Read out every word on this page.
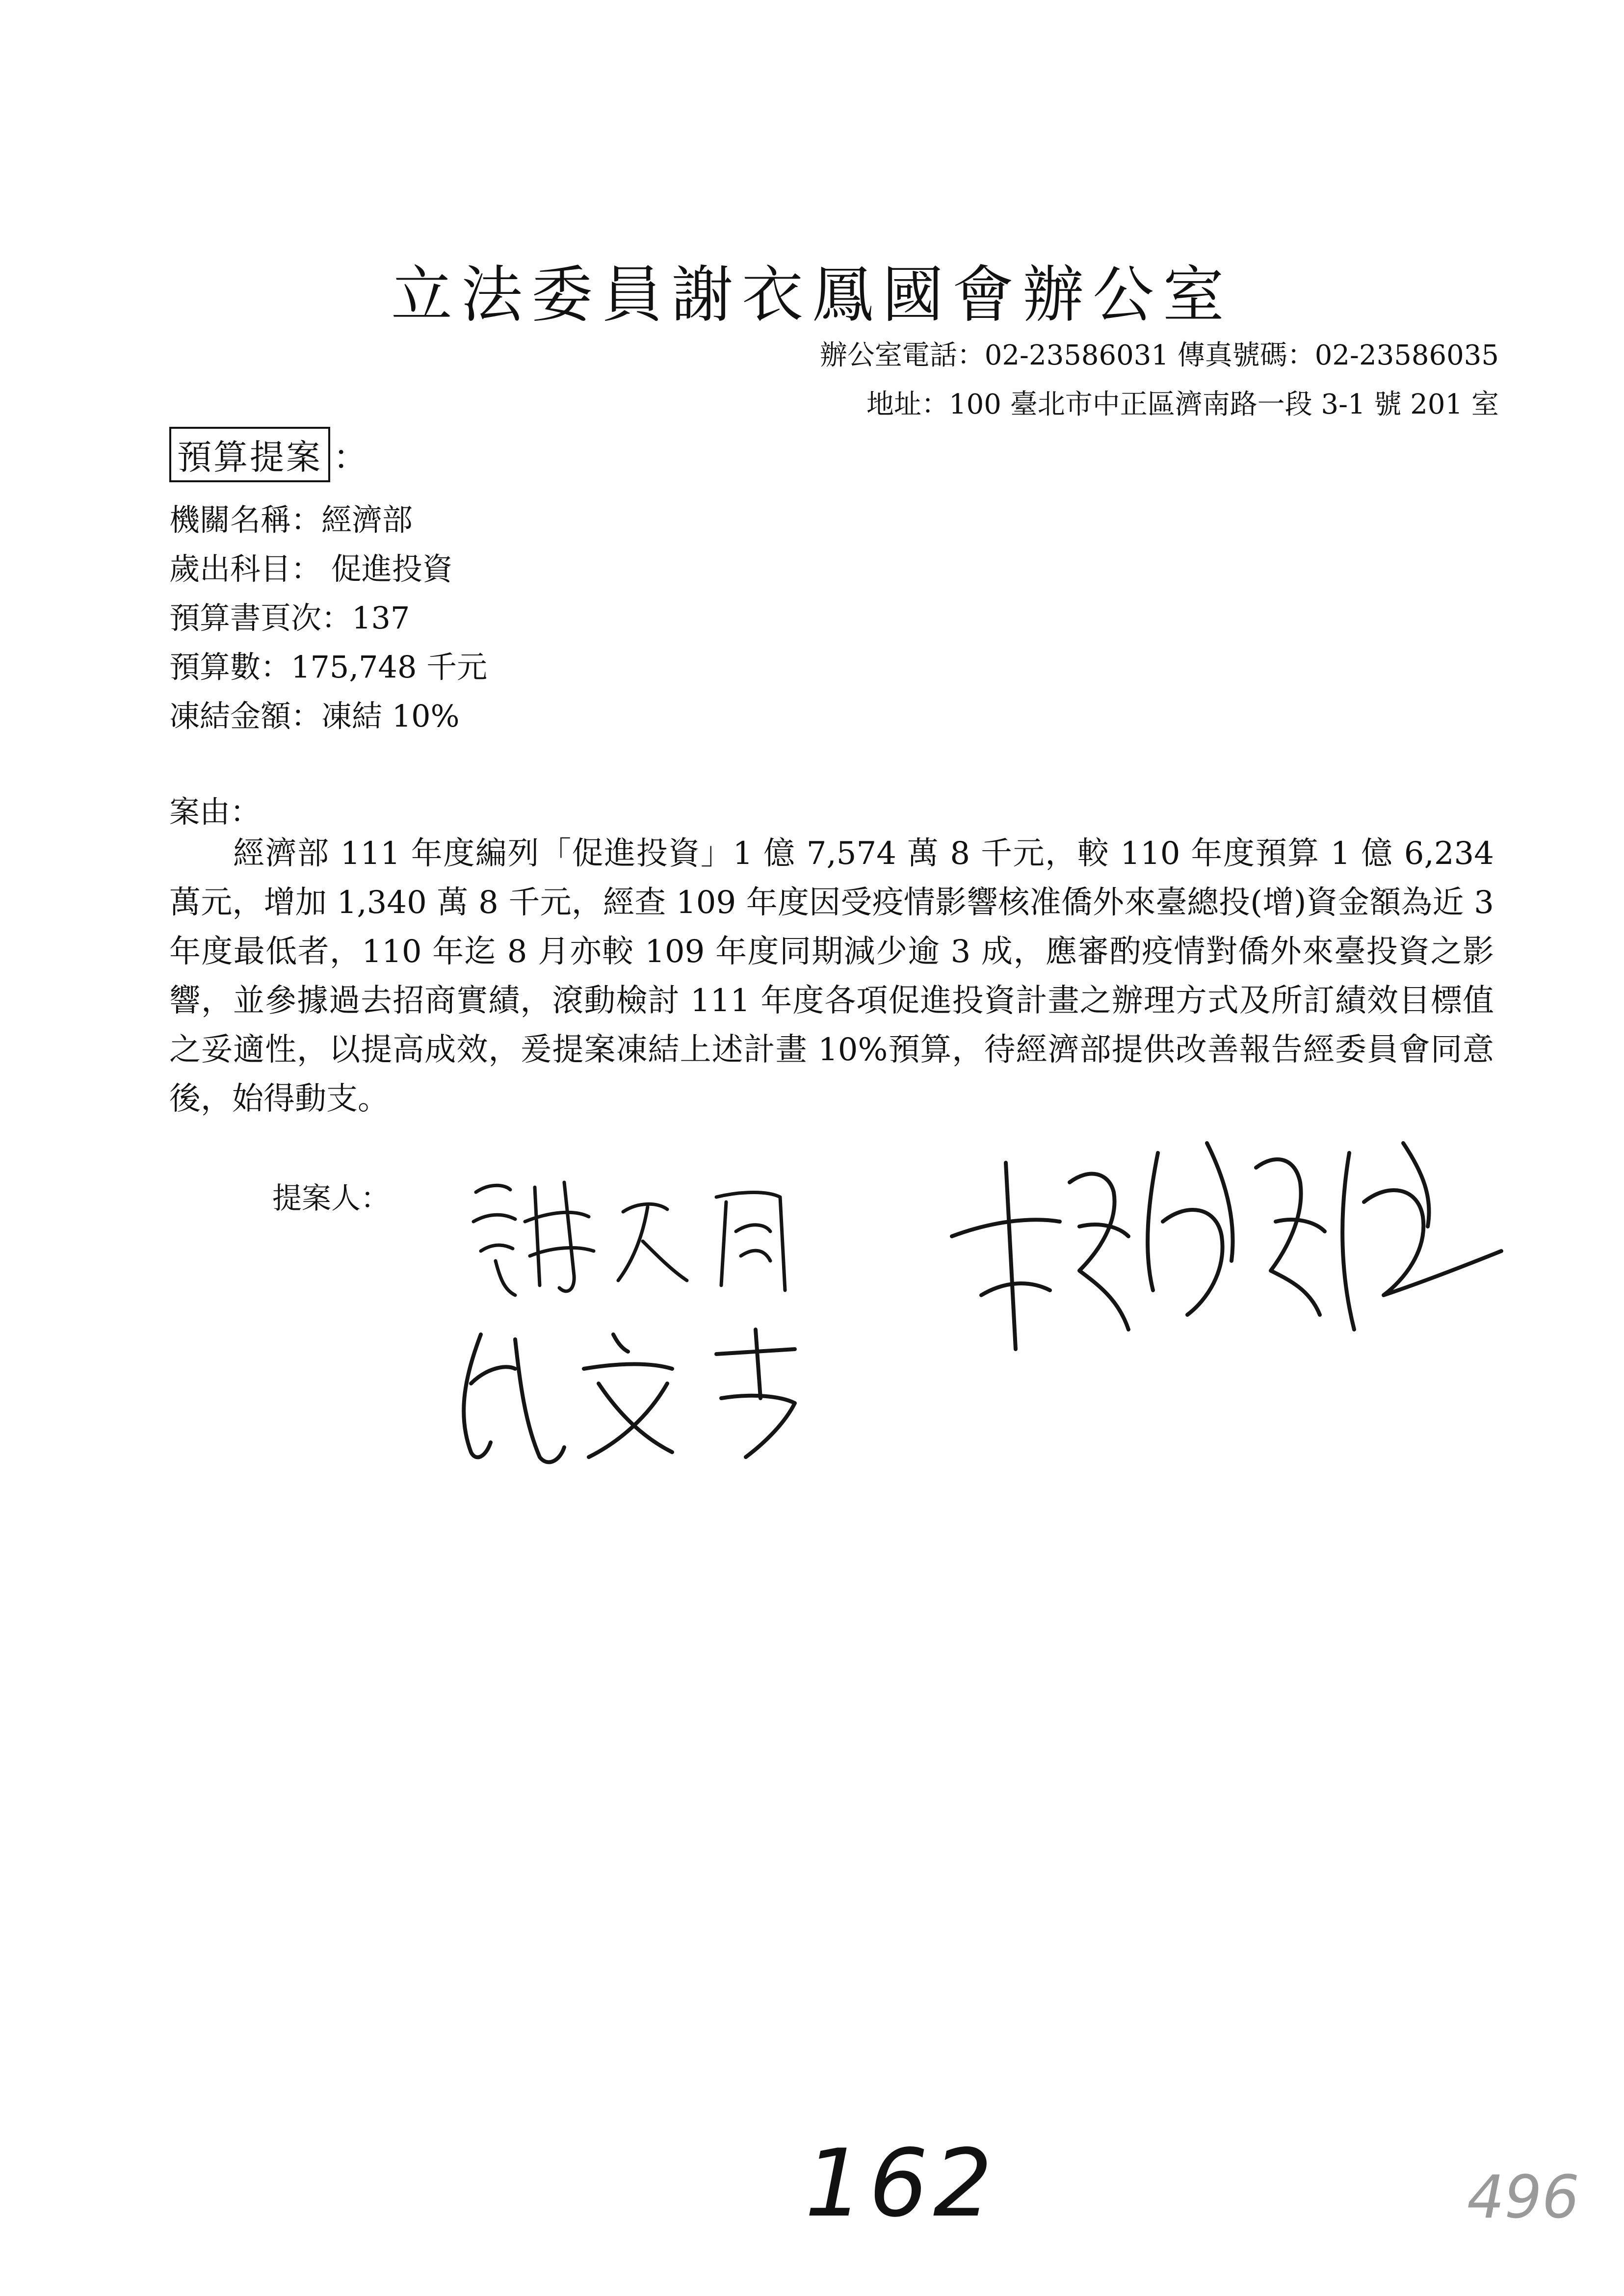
立法委員謝衣鳳國會辦公室
辦公室電話：02-23586031 傳真號碼：02-23586035
地址：100 臺北市中正區濟南路一段 3-1 號 201 室
預算提案 ：
機關名稱：經濟部
歲出科目： 促進投資
預算書頁次：137
預算數：175,748 千元
凍結金額：凍結 10%
案由：
經濟部 111 年度編列「促進投資」1 億 7,574 萬 8 千元，較 110 年度預算 1 億 6,234 萬元，增加 1,340 萬 8 千元，經查 109 年度因受疫情影響核准僑外來臺總投(增)資金額為近 3 年度最低者，110 年迄 8 月亦較 109 年度同期減少逾 3 成，應審酌疫情對僑外來臺投資之影響，並參據過去招商實績，滾動檢討 111 年度各項促進投資計畫之辦理方式及所訂績效目標值之妥適性，以提高成效，爰提案凍結上述計畫 10%預算，待經濟部提供改善報告經委員會同意後，始得動支。
提案人：
162	496
